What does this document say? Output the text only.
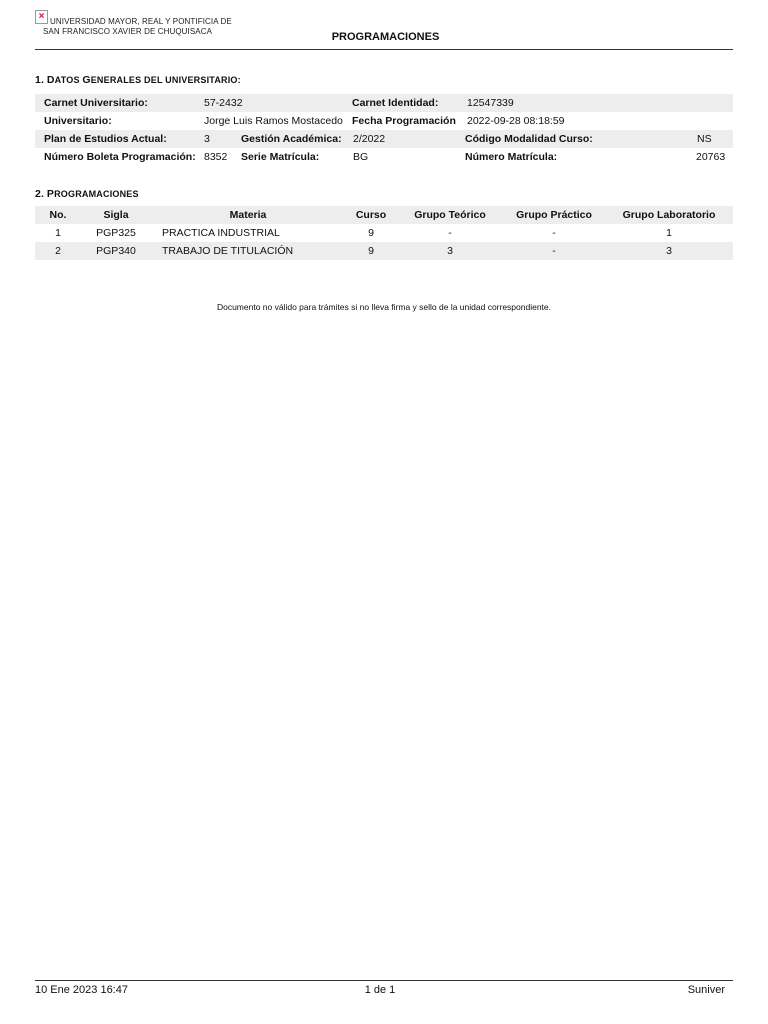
× UNIVERSIDAD MAYOR, REAL Y PONTIFICIA DE
SAN FRANCISCO XAVIER DE CHUQUISACA	PROGRAMACIONES
1. DATOS GENERALES DEL UNIVERSITARIO:
Carnet Universitario:	57-2432	Carnet Identidad:	12547339
Universitario:	Jorge Luis Ramos Mostacedo Fecha Programación 2022-09-28 08:18:59
Plan de Estudios Actual:	3	Gestión Académica: 2/2022	Código Modalidad Curso:	NS
Número Boleta Programación: 8352 Serie Matrícula:	BG	Número Matrícula:	20763
2. PROGRAMACIONES
No.	Sigla	Materia	Curso	Grupo Teórico	Grupo Práctico	Grupo Laboratorio
1	PGP325	PRACTICA INDUSTRIAL	9	-	-	1
2	PGP340	TRABAJO DE TITULACIÓN	9	3	-	3
Documento no válido para trámites si no lleva firma y sello de la unidad correspondiente.
10 Ene 2023 16:47	1 de 1	Suniver
